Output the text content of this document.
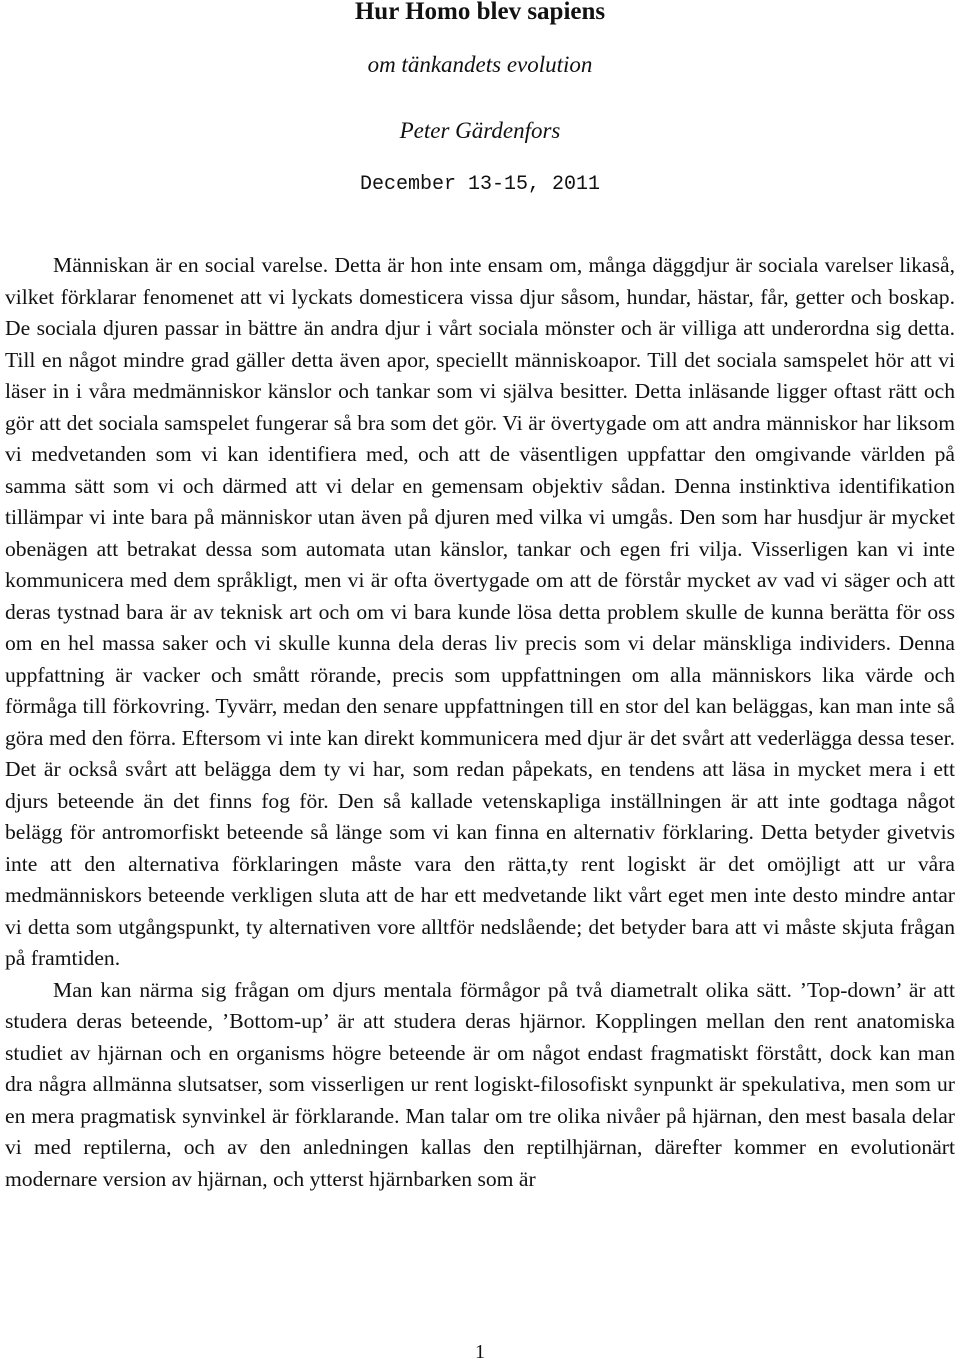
Hur Homo blev sapiens
om tänkandets evolution
Peter Gärdenfors
December 13-15, 2011

Människan är en social varelse. Detta är hon inte ensam om, många däggdjur är sociala varelser likaså, vilket förklarar fenomenet att vi lyckats domesticera vissa djur såsom, hundar, hästar, får, getter och boskap. De sociala djuren passar in bättre än andra djur i vårt sociala mönster och är villiga att underordna sig detta. Till en något mindre grad gäller detta även apor, speciellt människoapor. Till det sociala samspelet hör att vi läser in i våra medmänniskor känslor och tankar som vi själva besitter. Detta inläsande ligger oftast rätt och gör att det sociala samspelet fungerar så bra som det gör. Vi är övertygade om att andra människor har liksom vi medvetanden som vi kan identifiera med, och att de väsentligen uppfattar den omgivande världen på samma sätt som vi och därmed att vi delar en gemensam objektiv sådan. Denna instinktiva identifikation tillämpar vi inte bara på människor utan även på djuren med vilka vi umgås. Den som har husdjur är mycket obenägen att betrakat dessa som automata utan känslor, tankar och egen fri vilja. Visserligen kan vi inte kommunicera med dem språkligt, men vi är ofta övertygade om att de förstår mycket av vad vi säger och att deras tystnad bara är av teknisk art och om vi bara kunde lösa detta problem skulle de kunna berätta för oss om en hel massa saker och vi skulle kunna dela deras liv precis som vi delar mänskliga individers. Denna uppfattning är vacker och smått rörande, precis som uppfattningen om alla människors lika värde och förmåga till förkovring. Tyvärr, medan den senare uppfattningen till en stor del kan beläggas, kan man inte så göra med den förra. Eftersom vi inte kan direkt kommunicera med djur är det svårt att vederlägga dessa teser. Det är också svårt att belägga dem ty vi har, som redan påpekats, en tendens att läsa in mycket mera i ett djurs beteende än det finns fog för. Den så kallade vetenskapliga inställningen är att inte godtaga något belägg för antromorfiskt beteende så länge som vi kan finna en alternativ förklaring. Detta betyder givetvis inte att den alternativa förklaringen måste vara den rätta,ty rent logiskt är det omöjligt att ur våra medmänniskors beteende verkligen sluta att de har ett medvetande likt vårt eget men inte desto mindre antar vi detta som utgångspunkt, ty alternativen vore alltför nedslående; det betyder bara att vi måste skjuta frågan på framtiden.

Man kan närma sig frågan om djurs mentala förmågor på två diametralt olika sätt. ’Top-down’ är att studera deras beteende, ’Bottom-up’ är att studera deras hjärnor. Kopplingen mellan den rent anatomiska studiet av hjärnan och en organisms högre beteende är om något endast fragmatiskt förstått, dock kan man dra några allmänna slutsatser, som visserligen ur rent logiskt-filosofiskt synpunkt är spekulativa, men som ur en mera pragmatisk synvinkel är förklarande. Man talar om tre olika nivåer på hjärnan, den mest basala delar vi med reptilerna, och av den anledningen kallas den reptilhjärnan, därefter kommer en evolutionärt modernare version av hjärnan, och ytterst hjärnbarken som är

1
